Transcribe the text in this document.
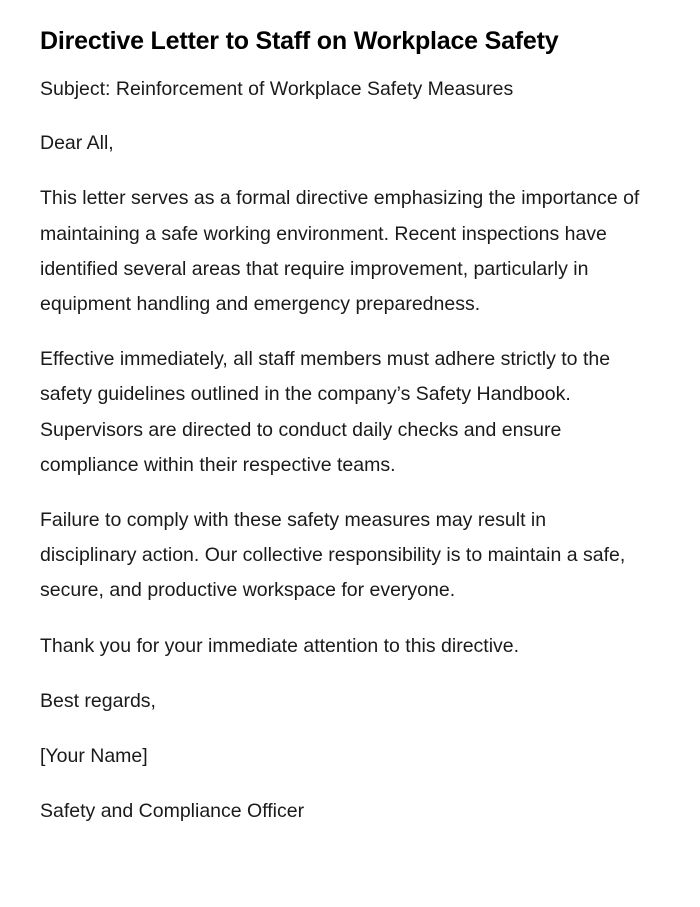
Directive Letter to Staff on Workplace Safety

Subject: Reinforcement of Workplace Safety Measures

Dear All,

This letter serves as a formal directive emphasizing the importance of maintaining a safe working environment. Recent inspections have identified several areas that require improvement, particularly in equipment handling and emergency preparedness.

Effective immediately, all staff members must adhere strictly to the safety guidelines outlined in the company’s Safety Handbook. Supervisors are directed to conduct daily checks and ensure compliance within their respective teams.

Failure to comply with these safety measures may result in disciplinary action. Our collective responsibility is to maintain a safe, secure, and productive workspace for everyone.

Thank you for your immediate attention to this directive.

Best regards,

[Your Name]

Safety and Compliance Officer
